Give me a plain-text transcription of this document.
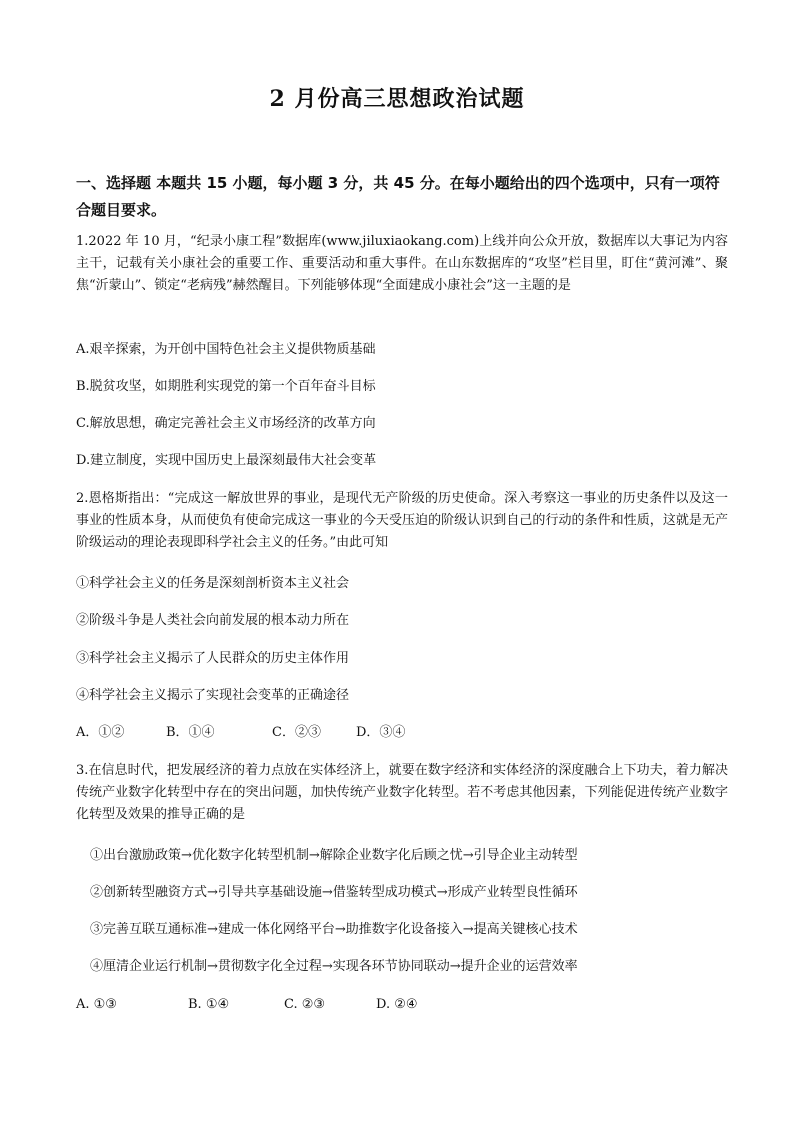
2 月份高三思想政治试题
一、选择题 本题共 15 小题，每小题 3 分，共 45 分。在每小题给出的四个选项中，只有一项符合题目要求。
1.2022 年 10 月，“纪录小康工程”数据库(www.jiluxiaokang.com)上线并向公众开放，数据库以大事记为内容主干，记载有关小康社会的重要工作、重要活动和重大事件。在山东数据库的“攻坚”栏目里，盯住“黄河滩”、聚焦“沂蒙山”、锁定“老病残”赫然醒目。下列能够体现“全面建成小康社会”这一主题的是
A.艰辛探索，为开创中国特色社会主义提供物质基础
B.脱贫攻坚，如期胜利实现党的第一个百年奋斗目标
C.解放思想，确定完善社会主义市场经济的改革方向
D.建立制度，实现中国历史上最深刻最伟大社会变革
2.恩格斯指出：“完成这一解放世界的事业，是现代无产阶级的历史使命。深入考察这一事业的历史条件以及这一事业的性质本身，从而使负有使命完成这一事业的今天受压迫的阶级认识到自己的行动的条件和性质，这就是无产阶级运动的理论表现即科学社会主义的任务。”由此可知
①科学社会主义的任务是深刻剖析资本主义社会
②阶级斗争是人类社会向前发展的根本动力所在
③科学社会主义揭示了人民群众的历史主体作用
④科学社会主义揭示了实现社会变革的正确途径
A．①②	B．①④	C．②③	D．③④
3.在信息时代，把发展经济的着力点放在实体经济上，就要在数字经济和实体经济的深度融合上下功夫，着力解决传统产业数字化转型中存在的突出问题，加快传统产业数字化转型。若不考虑其他因素，下列能促进传统产业数字化转型及效果的推导正确的是
①出台激励政策→优化数字化转型机制→解除企业数字化后顾之忧→引导企业主动转型
②创新转型融资方式→引导共享基础设施→借鉴转型成功模式→形成产业转型良性循环
③完善互联互通标准→建成一体化网络平台→助推数字化设备接入→提高关键核心技术
④厘清企业运行机制→贯彻数字化全过程→实现各环节协同联动→提升企业的运营效率
A. ①③	B. ①④	C. ②③	D. ②④
